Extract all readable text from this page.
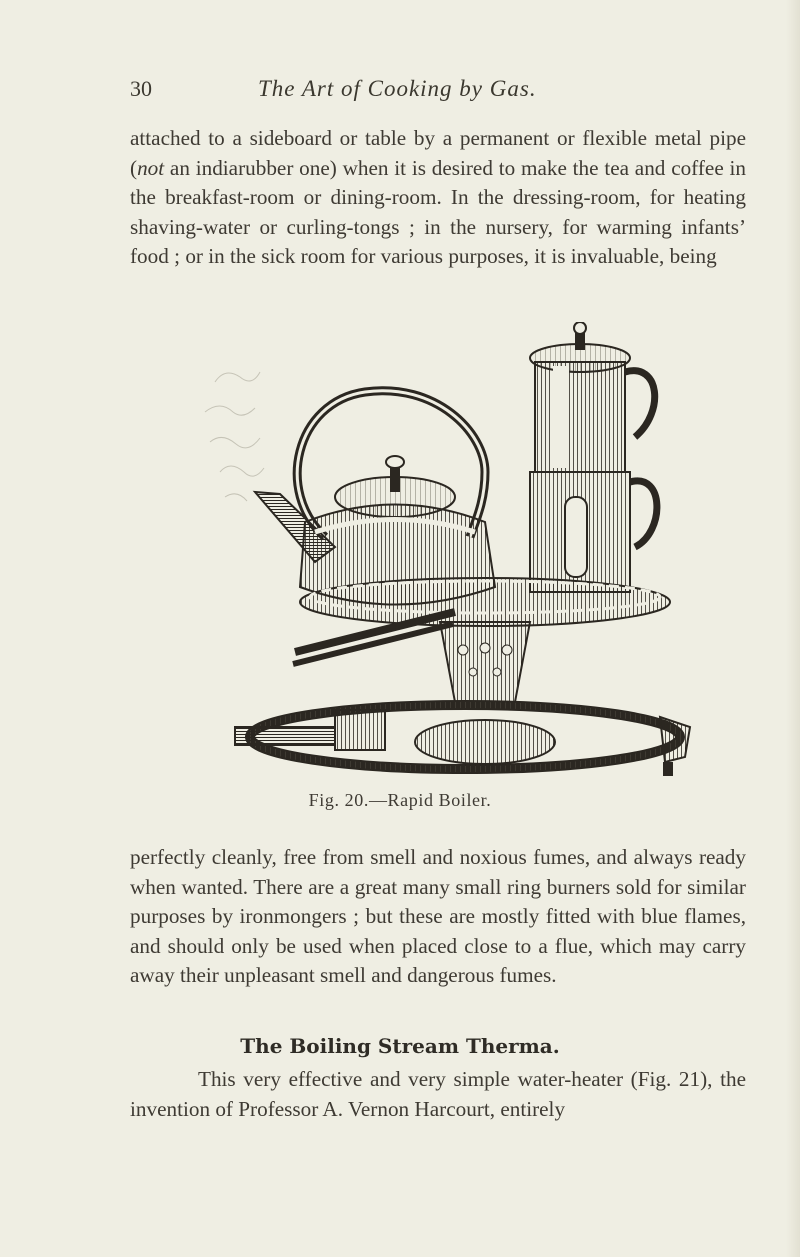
30	The Art of Cooking by Gas.
attached to a sideboard or table by a permanent or flexible metal pipe (not an indiarubber one) when it is desired to make the tea and coffee in the breakfast-room or dining-room. In the dressing-room, for heating shaving-water or curling-tongs ; in the nursery, for warming infants’ food ; or in the sick room for various purposes, it is invaluable, being
Fig. 20.—Rapid Boiler.
perfectly cleanly, free from smell and noxious fumes, and always ready when wanted. There are a great many small ring burners sold for similar purposes by ironmongers ; but these are mostly fitted with blue flames, and should only be used when placed close to a flue, which may carry away their unpleasant smell and dangerous fumes.
The Boiling Stream Therma.
This very effective and very simple water-heater (Fig. 21), the invention of Professor A. Vernon Harcourt, entirely
